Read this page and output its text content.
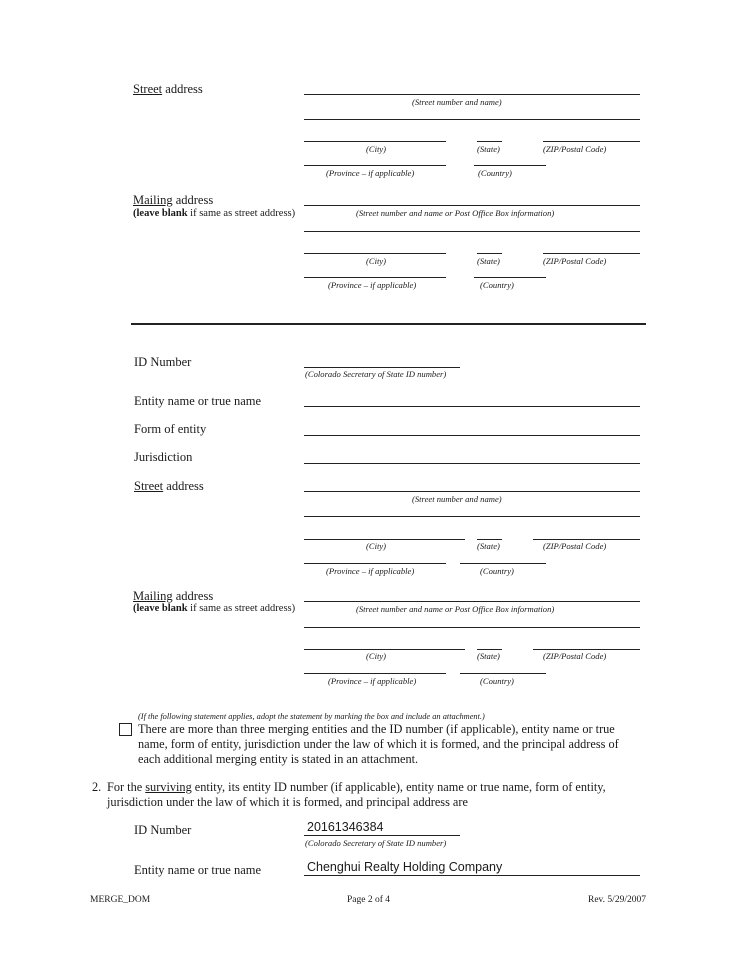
Street address
(Street number and name)
(City)	(State)	(ZIP/Postal Code)
(Province – if applicable)	(Country)
Mailing address
(leave blank if same as street address)	(Street number and name or Post Office Box information)
(City)	(State)	(ZIP/Postal Code)
(Province – if applicable)	(Country)
ID Number
(Colorado Secretary of State ID number)
Entity name or true name
Form of entity
Jurisdiction
Street address
(Street number and name)
(City)	(State)	(ZIP/Postal Code)
(Province – if applicable)	(Country)
Mailing address
(leave blank if same as street address)	(Street number and name or Post Office Box information)
(City)	(State)	(ZIP/Postal Code)
(Province – if applicable)	(Country)
(If the following statement applies, adopt the statement by marking the box and include an attachment.)
There are more than three merging entities and the ID number (if applicable), entity name or true
name, form of entity, jurisdiction under the law of which it is formed, and the principal address of
each additional merging entity is stated in an attachment.
2. For the surviving entity, its entity ID number (if applicable), entity name or true name, form of entity,
jurisdiction under the law of which it is formed, and principal address are
ID Number	20161346384
(Colorado Secretary of State ID number)
Entity name or true name	Chenghui Realty Holding Company
MERGE_DOM	Page 2 of 4	Rev. 5/29/2007
